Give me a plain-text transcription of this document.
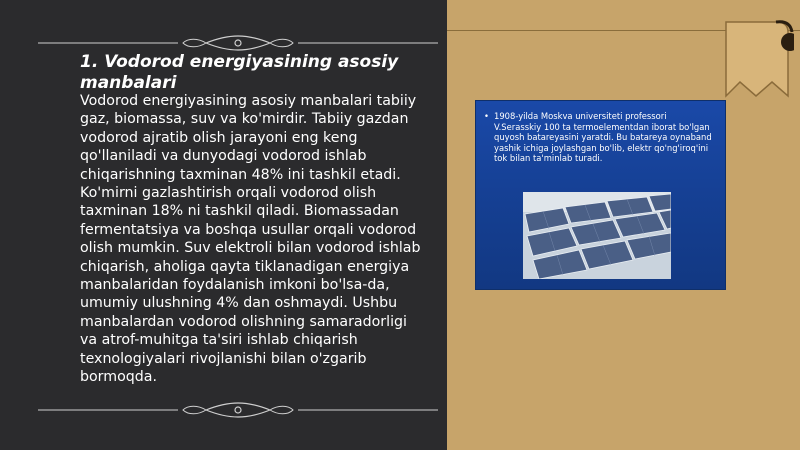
1. Vodorod energiyasining asosiy manbalari

Vodorod energiyasining asosiy manbalari tabiiy gaz, biomassa, suv va ko'mirdir. Tabiiy gazdan vodorod ajratib olish jarayoni eng keng qo'llaniladi va dunyodagi vodorod ishlab chiqarishning taxminan 48% ini tashkil etadi. Ko'mirni gazlashtirish orqali vodorod olish taxminan 18% ni tashkil qiladi. Biomassadan fermentatsiya va boshqa usullar orqali vodorod olish mumkin. Suv elektroli bilan vodorod ishlab chiqarish, aholiga qayta tiklanadigan energiya manbalaridan foydalanish imkoni bo'lsa-da, umumiy ulushning 4% dan oshmaydi. Ushbu manbalardan vodorod olishning samaradorligi va atrof-muhitga ta'siri ishlab chiqarish texnologiyalari rivojlanishi bilan o'zgarib bormoqda.

• 1908-yilda Moskva universiteti professori V.Serasskiy 100 ta termoelementdan iborat bo'lgan quyosh batareyasini yaratdi. Bu batareya oynaband yashik ichiga joylashgan bo'lib, elektr qo'ng'iroq'ini tok bilan ta'minlab turadi.
